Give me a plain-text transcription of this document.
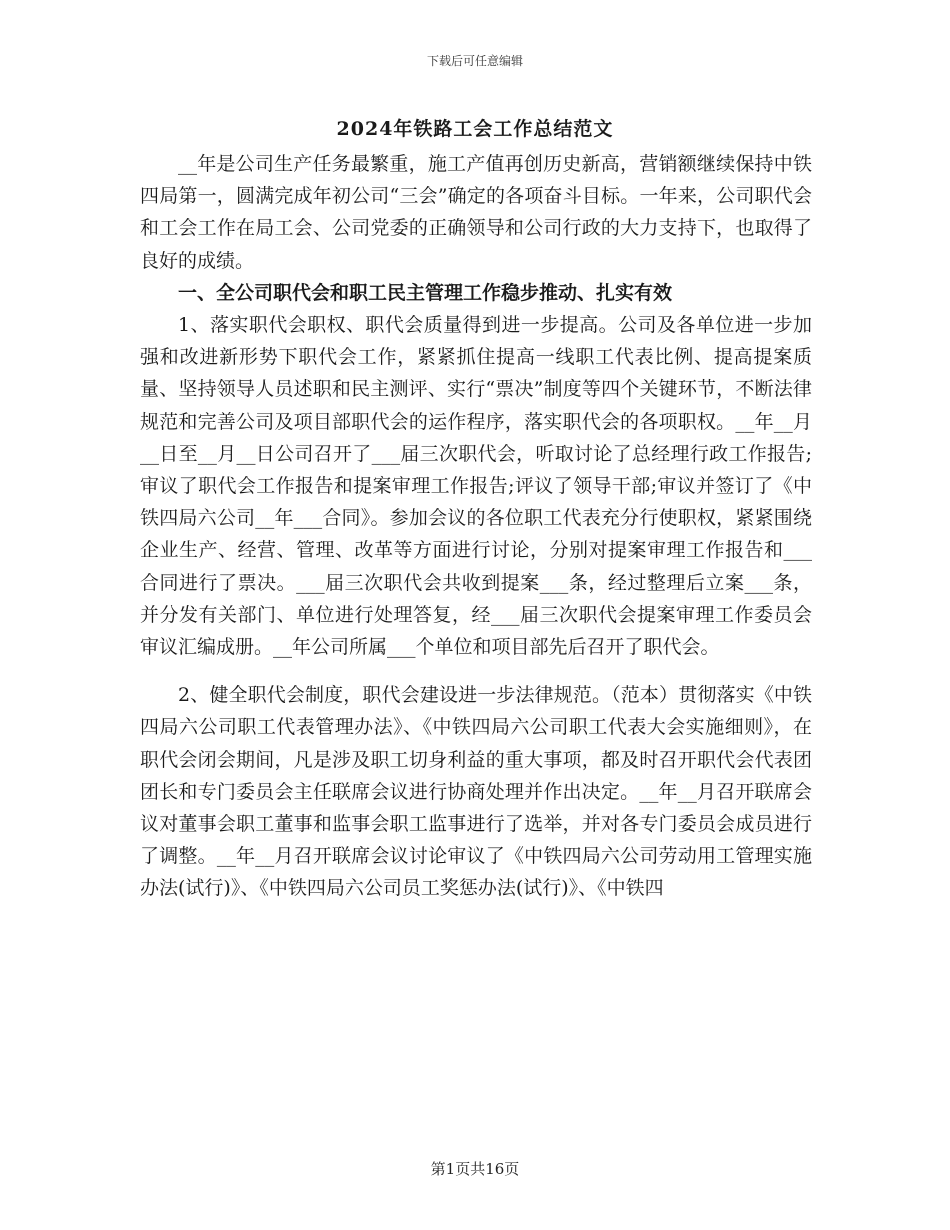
下载后可任意编辑
2024年铁路工会工作总结范文

__年是公司生产任务最繁重，施工产值再创历史新高，营销额继续保持中铁四局第一，圆满完成年初公司“三会”确定的各项奋斗目标。一年来，公司职代会和工会工作在局工会、公司党委的正确领导和公司行政的大力支持下，也取得了良好的成绩。

一、全公司职代会和职工民主管理工作稳步推动、扎实有效

1、落实职代会职权、职代会质量得到进一步提高。公司及各单位进一步加强和改进新形势下职代会工作，紧紧抓住提高一线职工代表比例、提高提案质量、坚持领导人员述职和民主测评、实行“票决”制度等四个关键环节，不断法律规范和完善公司及项目部职代会的运作程序，落实职代会的各项职权。__年__月__日至__月__日公司召开了___届三次职代会，听取讨论了总经理行政工作报告;审议了职代会工作报告和提案审理工作报告;评议了领导干部;审议并签订了《中铁四局六公司__年___合同》。参加会议的各位职工代表充分行使职权，紧紧围绕企业生产、经营、管理、改革等方面进行讨论，分别对提案审理工作报告和___合同进行了票决。___届三次职代会共收到提案___条，经过整理后立案___条，并分发有关部门、单位进行处理答复，经___届三次职代会提案审理工作委员会审议汇编成册。__年公司所属___个单位和项目部先后召开了职代会。

2、健全职代会制度，职代会建设进一步法律规范。（范本）贯彻落实《中铁四局六公司职工代表管理办法》、《中铁四局六公司职工代表大会实施细则》，在职代会闭会期间，凡是涉及职工切身利益的重大事项，都及时召开职代会代表团团长和专门委员会主任联席会议进行协商处理并作出决定。__年__月召开联席会议对董事会职工董事和监事会职工监事进行了选举，并对各专门委员会成员进行了调整。__年__月召开联席会议讨论审议了《中铁四局六公司劳动用工管理实施办法(试行)》、《中铁四局六公司员工奖惩办法(试行)》、《中铁四

第1页共16页
